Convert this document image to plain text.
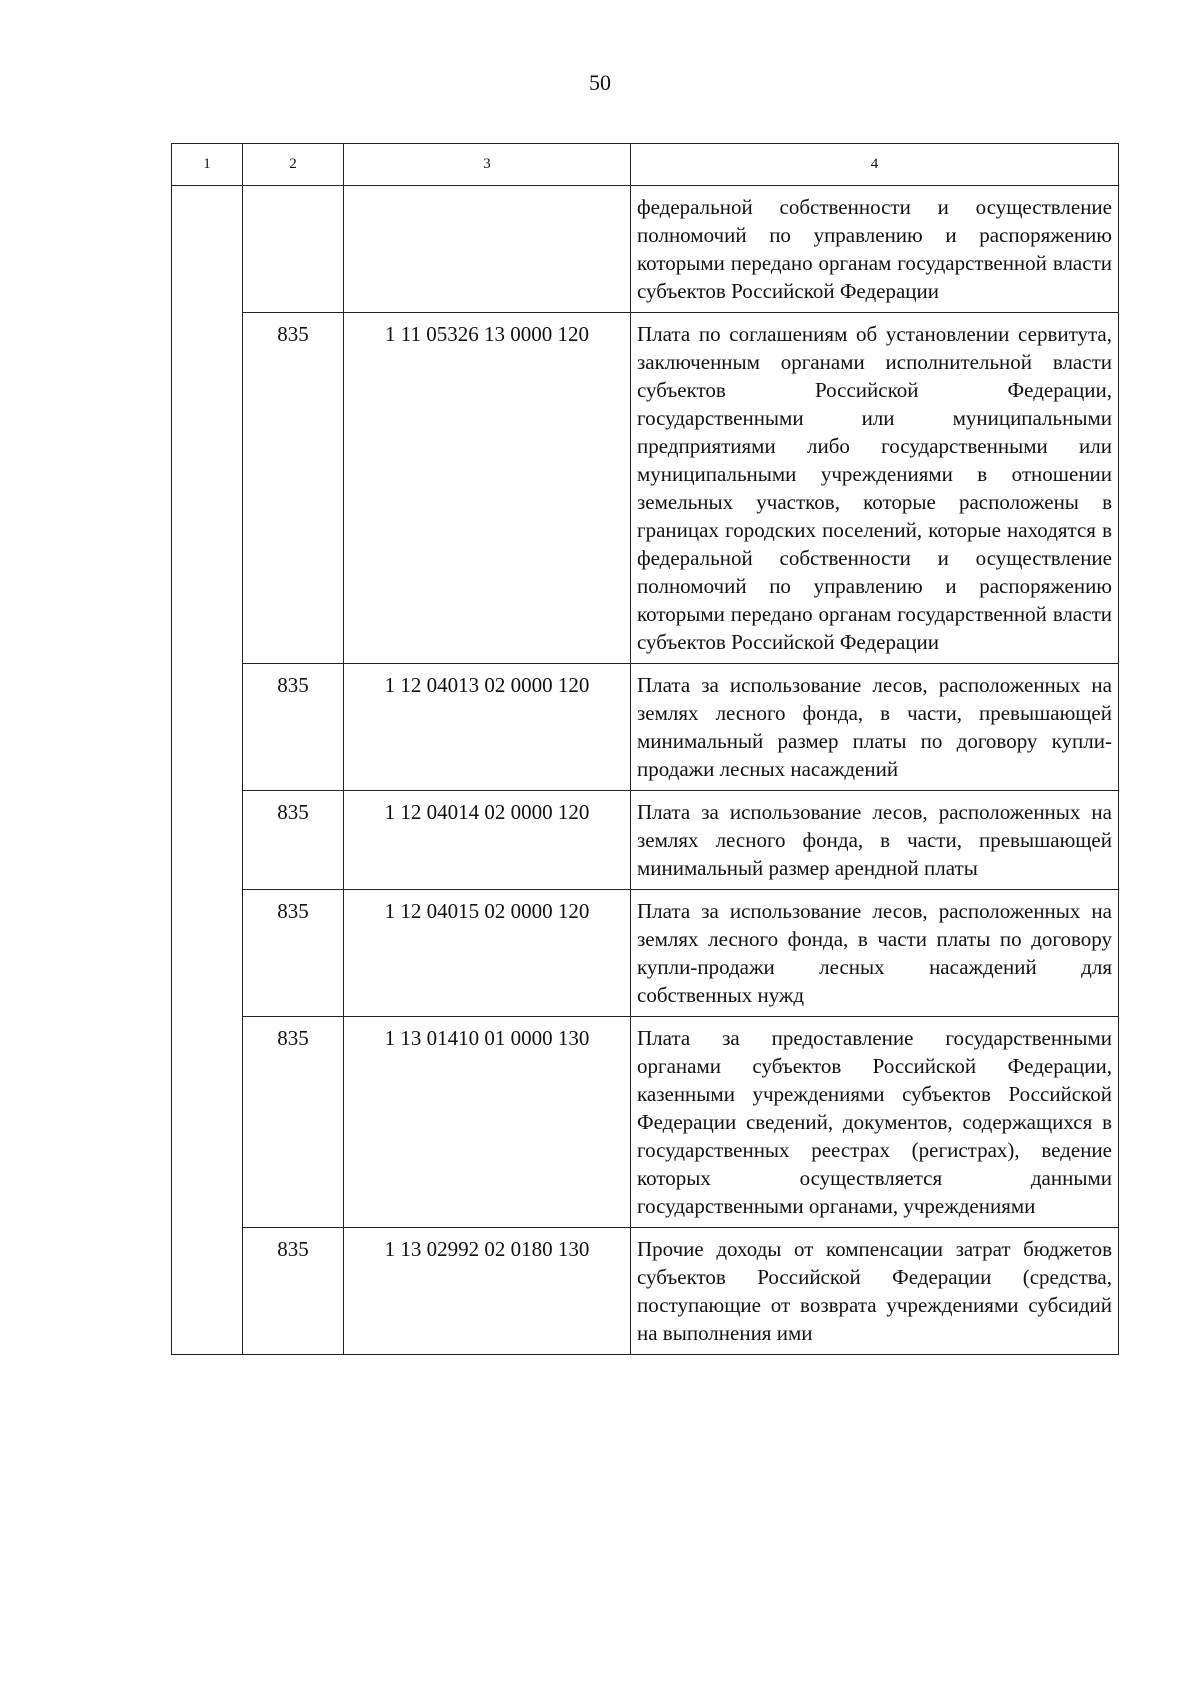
50
1	2	3	4
			федеральной собственности и осуществление полномочий по управлению и распоряжению которыми передано органам государственной власти субъектов Российской Федерации
	835	1 11 05326 13 0000 120	Плата по соглашениям об установлении сервитута, заключенным органами исполнительной власти субъектов Российской Федерации, государственными или муниципальными предприятиями либо государственными или муниципальными учреждениями в отношении земельных участков, которые расположены в границах городских поселений, которые находятся в федеральной собственности и осуществление полномочий по управлению и распоряжению которыми передано органам государственной власти субъектов Российской Федерации
	835	1 12 04013 02 0000 120	Плата за использование лесов, расположенных на землях лесного фонда, в части, превышающей минимальный размер платы по договору купли-продажи лесных насаждений
	835	1 12 04014 02 0000 120	Плата за использование лесов, расположенных на землях лесного фонда, в части, превышающей минимальный размер арендной платы
	835	1 12 04015 02 0000 120	Плата за использование лесов, расположенных на землях лесного фонда, в части платы по договору купли-продажи лесных насаждений для собственных нужд
	835	1 13 01410 01 0000 130	Плата за предоставление государственными органами субъектов Российской Федерации, казенными учреждениями субъектов Российской Федерации сведений, документов, содержащихся в государственных реестрах (регистрах), ведение которых осуществляется данными государственными органами, учреждениями
	835	1 13 02992 02 0180 130	Прочие доходы от компенсации затрат бюджетов субъектов Российской Федерации (средства, поступающие от возврата учреждениями субсидий на выполнения ими
